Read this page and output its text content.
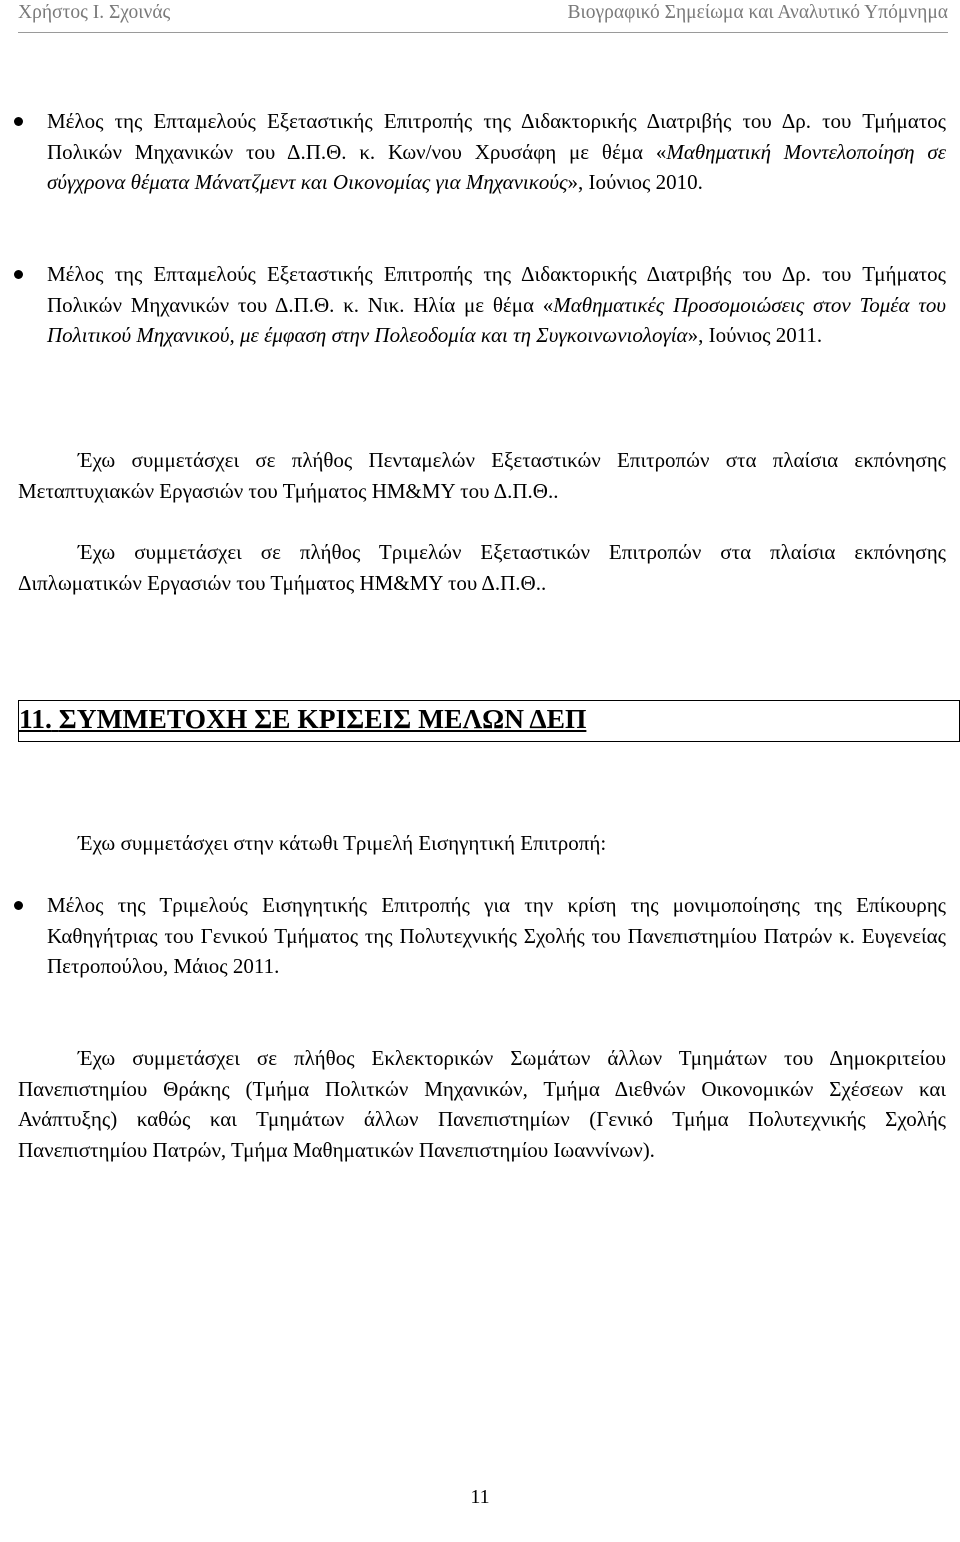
Χρήστος Ι. Σχοινάς	Βιογραφικό Σημείωμα και Αναλυτικό Υπόμνημα
Μέλος της Επταμελούς Εξεταστικής Επιτροπής της Διδακτορικής Διατριβής του Δρ. του Τμήματος Πολικών Μηχανικών του Δ.Π.Θ. κ. Κων/νου Χρυσάφη με θέμα «Μαθηματική Μοντελοποίηση σε σύγχρονα θέματα Μάνατζμεντ και Οικονομίας για Μηχανικούς», Ιούνιος 2010.
Μέλος της Επταμελούς Εξεταστικής Επιτροπής της Διδακτορικής Διατριβής του Δρ. του Τμήματος Πολικών Μηχανικών του Δ.Π.Θ. κ. Νικ. Ηλία με θέμα «Μαθηματικές Προσομοιώσεις στον Τομέα του Πολιτικού Μηχανικού, με έμφαση στην Πολεοδομία και τη Συγκοινωνιολογία», Ιούνιος 2011.
Έχω συμμετάσχει σε πλήθος Πενταμελών Εξεταστικών Επιτροπών στα πλαίσια εκπόνησης Μεταπτυχιακών Εργασιών του Τμήματος ΗΜ&ΜΥ του Δ.Π.Θ..
Έχω συμμετάσχει σε πλήθος Τριμελών Εξεταστικών Επιτροπών στα πλαίσια εκπόνησης Διπλωματικών Εργασιών του Τμήματος ΗΜ&ΜΥ του Δ.Π.Θ..
11. ΣΥΜΜΕΤΟΧΗ ΣΕ ΚΡΙΣΕΙΣ ΜΕΛΩΝ ΔΕΠ
Έχω συμμετάσχει στην κάτωθι Τριμελή Εισηγητική Επιτροπή:
Μέλος της Τριμελούς Εισηγητικής Επιτροπής για την κρίση της μονιμοποίησης της Επίκουρης Καθηγήτριας του Γενικού Τμήματος της Πολυτεχνικής Σχολής του Πανεπιστημίου Πατρών κ. Ευγενείας Πετροπούλου, Μάιος 2011.
Έχω συμμετάσχει σε πλήθος Εκλεκτορικών Σωμάτων άλλων Τμημάτων του Δημοκριτείου Πανεπιστημίου Θράκης (Τμήμα Πολιτκών Μηχανικών, Τμήμα Διεθνών Οικονομικών Σχέσεων και Ανάπτυξης) καθώς και Τμημάτων άλλων Πανεπιστημίων (Γενικό Τμήμα Πολυτεχνικής Σχολής Πανεπιστημίου Πατρών, Τμήμα Μαθηματικών Πανεπιστημίου Ιωαννίνων).
11
